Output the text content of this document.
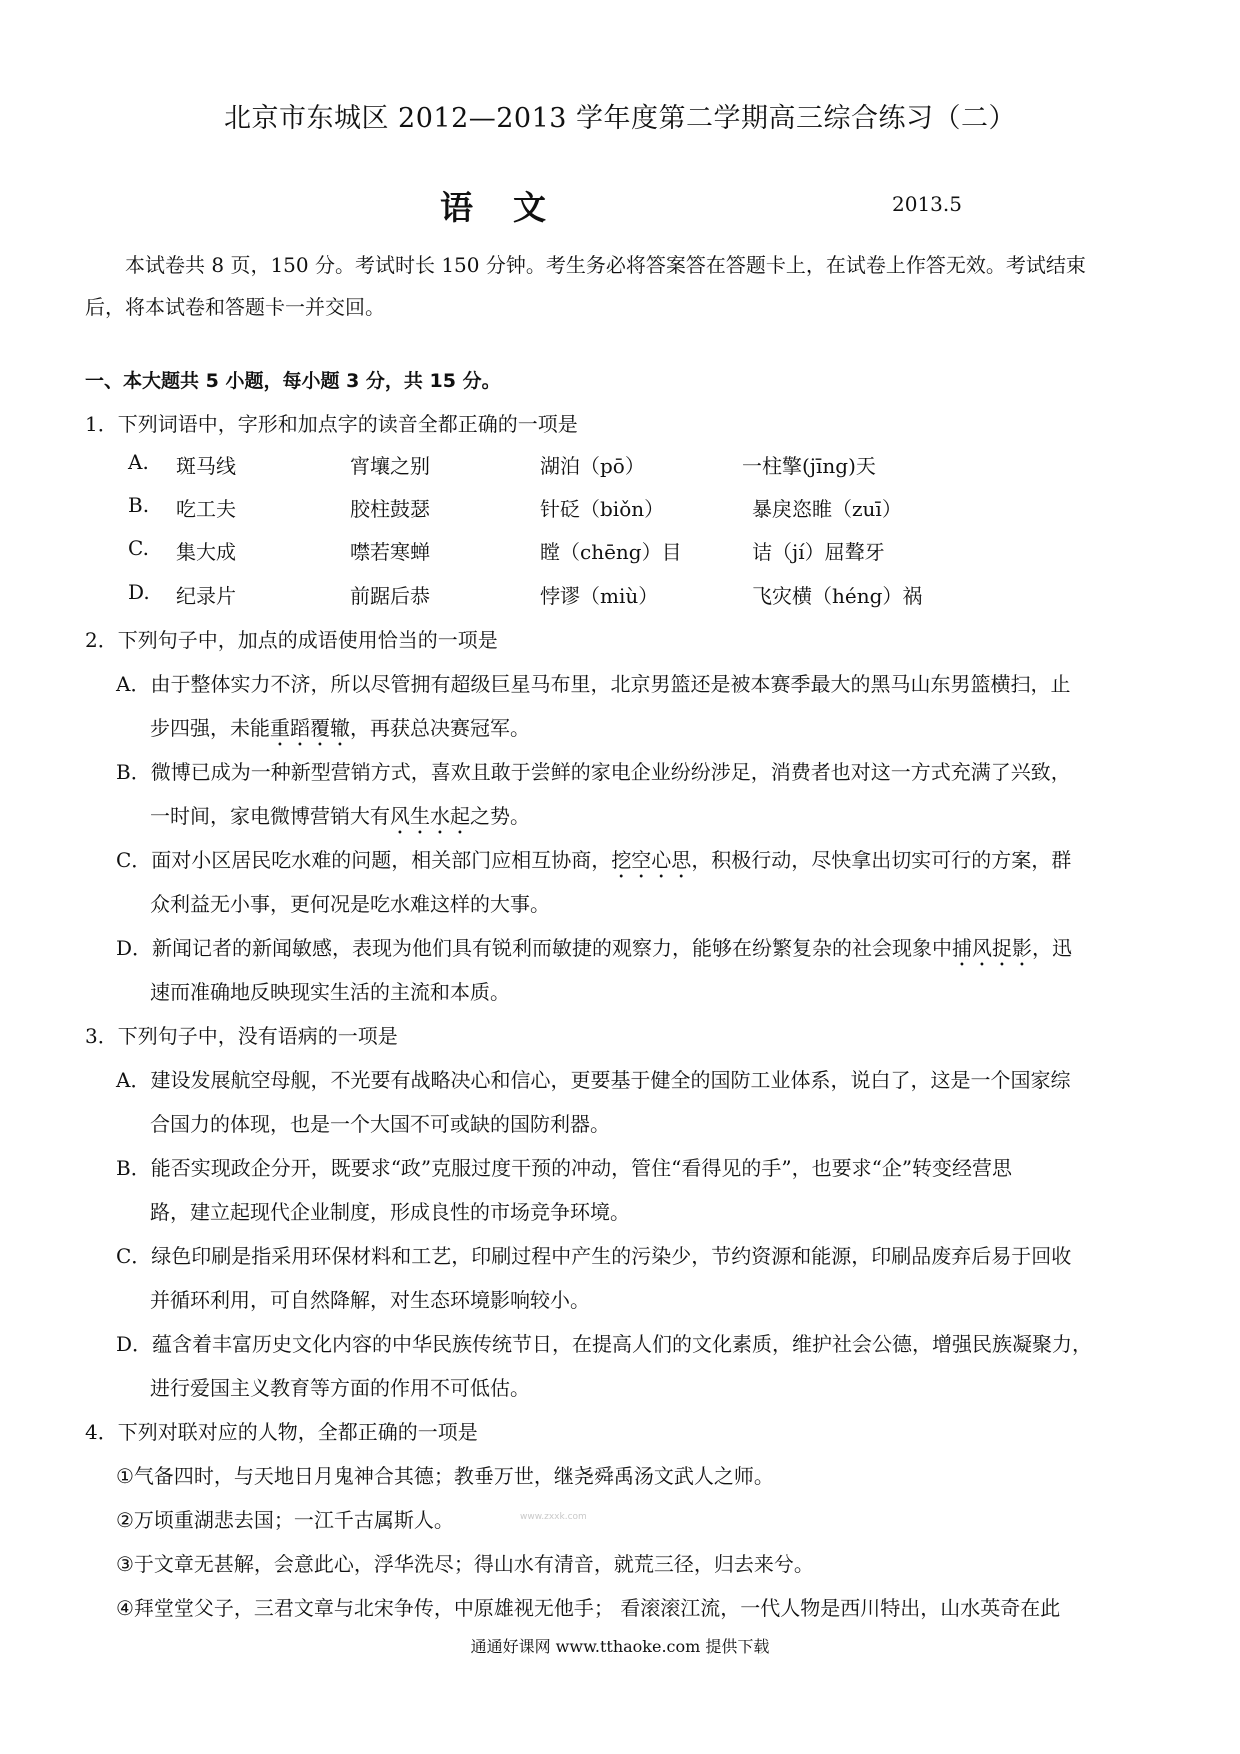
北京市东城区 2012—2013 学年度第二学期高三综合练习（二）
语文	2013.5
本试卷共 8 页，150 分。考试时长 150 分钟。考生务必将答案答在答题卡上，在试卷上作答无效。考试结束
后，将本试卷和答题卡一并交回。
一、本大题共 5 小题，每小题 3 分，共 15 分。
1．下列词语中，字形和加点字的读音全都正确的一项是
A. 斑马线	宵壤之别	湖泊（pō）	一柱擎(jīng)天
B. 吃工夫	胶柱鼓瑟	针砭（biǒn）	暴戾恣睢（zuī）
C. 集大成	噤若寒蝉	瞠（chēng）目	诘（jí）屈聱牙
D. 纪录片	前踞后恭	悖谬（miù）	飞灾横（héng）祸
2．下列句子中，加点的成语使用恰当的一项是
A．由于整体实力不济，所以尽管拥有超级巨星马布里，北京男篮还是被本赛季最大的黑马山东男篮横扫，止
步四强，未能重蹈覆辙，再获总决赛冠军。
B．微博已成为一种新型营销方式，喜欢且敢于尝鲜的家电企业纷纷涉足，消费者也对这一方式充满了兴致，
一时间，家电微博营销大有风生水起之势。
C．面对小区居民吃水难的问题，相关部门应相互协商，挖空心思，积极行动，尽快拿出切实可行的方案，群
众利益无小事，更何况是吃水难这样的大事。
D．新闻记者的新闻敏感，表现为他们具有锐利而敏捷的观察力，能够在纷繁复杂的社会现象中捕风捉影，迅
速而准确地反映现实生活的主流和本质。
3．下列句子中，没有语病的一项是
A．建设发展航空母舰，不光要有战略决心和信心，更要基于健全的国防工业体系，说白了，这是一个国家综
合国力的体现，也是一个大国不可或缺的国防利器。
B．能否实现政企分开，既要求“政”克服过度干预的冲动，管住“看得见的手”，也要求“企”转变经营思
路，建立起现代企业制度，形成良性的市场竞争环境。
C．绿色印刷是指采用环保材料和工艺，印刷过程中产生的污染少，节约资源和能源，印刷品废弃后易于回收
并循环利用，可自然降解，对生态环境影响较小。
D．蕴含着丰富历史文化内容的中华民族传统节日，在提高人们的文化素质，维护社会公德，增强民族凝聚力，
进行爱国主义教育等方面的作用不可低估。
4．下列对联对应的人物，全都正确的一项是
①气备四时，与天地日月鬼神合其德；教垂万世，继尧舜禹汤文武人之师。
②万顷重湖悲去国；一江千古属斯人。	www.zxxk.com
③于文章无甚解，会意此心，浮华洗尽；得山水有清音，就荒三径，归去来兮。
④拜堂堂父子，三君文章与北宋争传，中原雄视无他手； 看滚滚江流，一代人物是西川特出，山水英奇在此
通通好课网 www.tthaoke.com 提供下载
